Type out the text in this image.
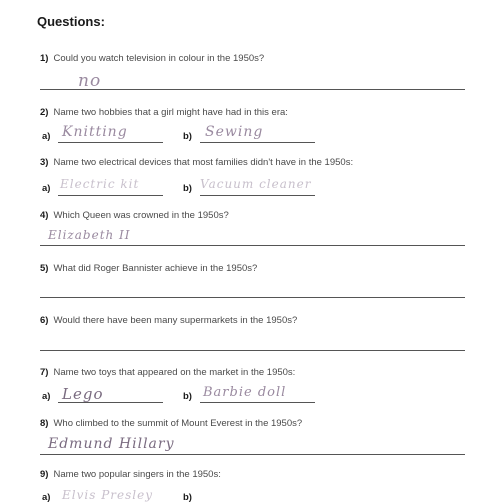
Questions:
1) Could you watch television in colour in the 1950s?
no
2) Name two hobbies that a girl might have had in this era:
a) Knitting	b) Sewing
3) Name two electrical devices that most families didn't have in the 1950s:
a) Electric kit	b) Vacuum cleaner
4) Which Queen was crowned in the 1950s?
Elizabeth II
5) What did Roger Bannister achieve in the 1950s?
6) Would there have been many supermarkets in the 1950s?
7) Name two toys that appeared on the market in the 1950s:
a) Lego	b) Barbie doll
8) Who climbed to the summit of Mount Everest in the 1950s?
Edmund Hillary
9) Name two popular singers in the 1950s:
a) Elvis Presley	b)
